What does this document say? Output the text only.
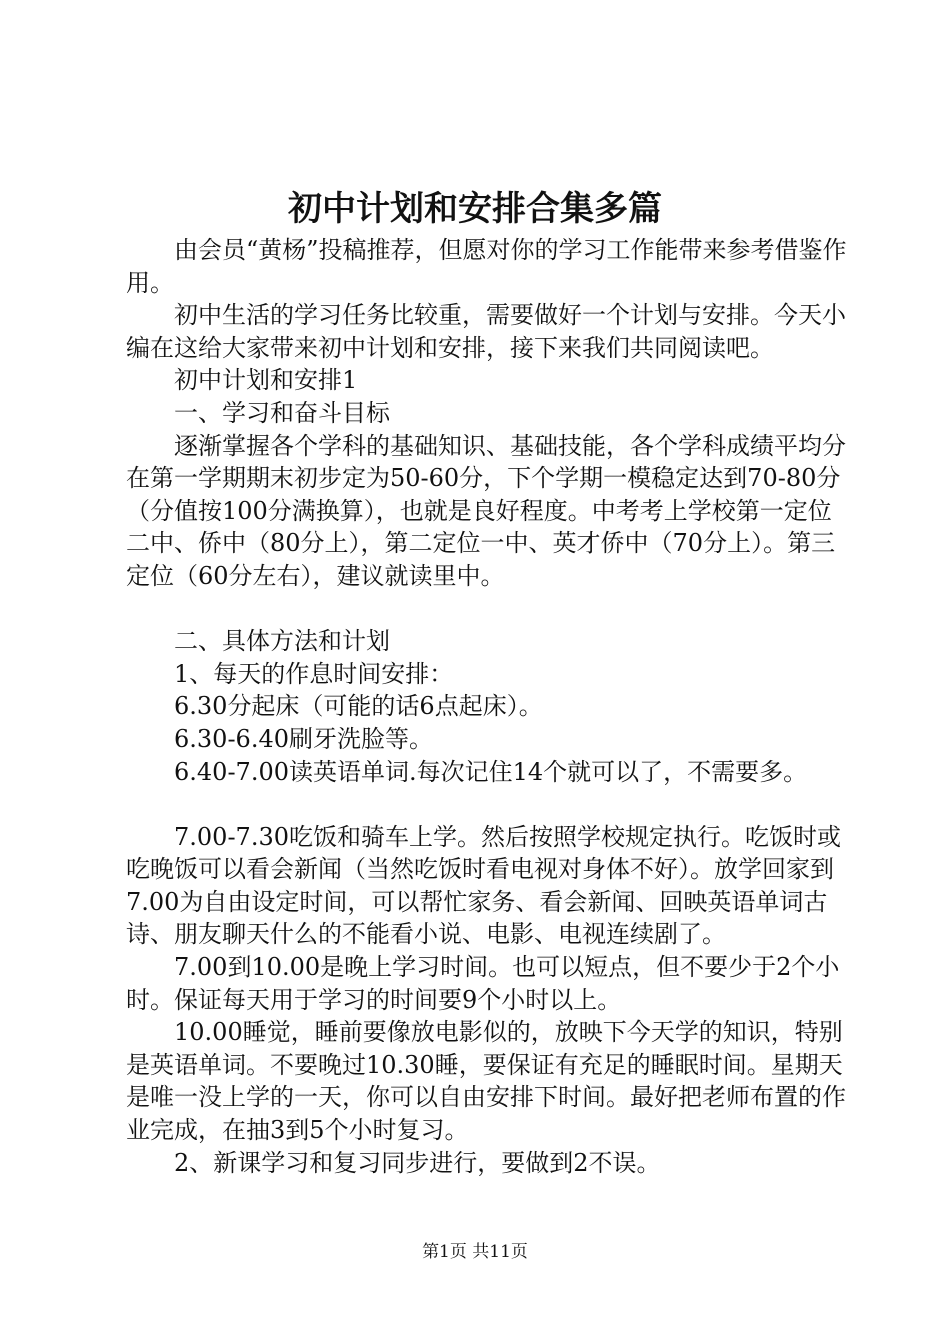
初中计划和安排合集多篇

由会员“黄杨”投稿推荐，但愿对你的学习工作能带来参考借鉴作用。

初中生活的学习任务比较重，需要做好一个计划与安排。今天小编在这给大家带来初中计划和安排，接下来我们共同阅读吧。

初中计划和安排1

一、学习和奋斗目标

逐渐掌握各个学科的基础知识、基础技能，各个学科成绩平均分在第一学期期末初步定为50-60分，下个学期一模稳定达到70-80分（分值按100分满换算），也就是良好程度。中考考上学校第一定位二中、侨中（80分上），第二定位一中、英才侨中（70分上）。第三定位（60分左右），建议就读里中。

二、具体方法和计划

1、每天的作息时间安排：

6.30分起床（可能的话6点起床）。

6.30-6.40刷牙洗脸等。

6.40-7.00读英语单词.每次记住14个就可以了，不需要多。

7.00-7.30吃饭和骑车上学。然后按照学校规定执行。吃饭时或吃晚饭可以看会新闻（当然吃饭时看电视对身体不好）。放学回家到7.00为自由设定时间，可以帮忙家务、看会新闻、回映英语单词古诗、朋友聊天什么的不能看小说、电影、电视连续剧了。

7.00到10.00是晚上学习时间。也可以短点，但不要少于2个小时。保证每天用于学习的时间要9个小时以上。

10.00睡觉，睡前要像放电影似的，放映下今天学的知识，特别是英语单词。不要晚过10.30睡，要保证有充足的睡眠时间。星期天是唯一没上学的一天，你可以自由安排下时间。最好把老师布置的作业完成，在抽3到5个小时复习。

2、新课学习和复习同步进行，要做到2不误。

第1页 共11页
